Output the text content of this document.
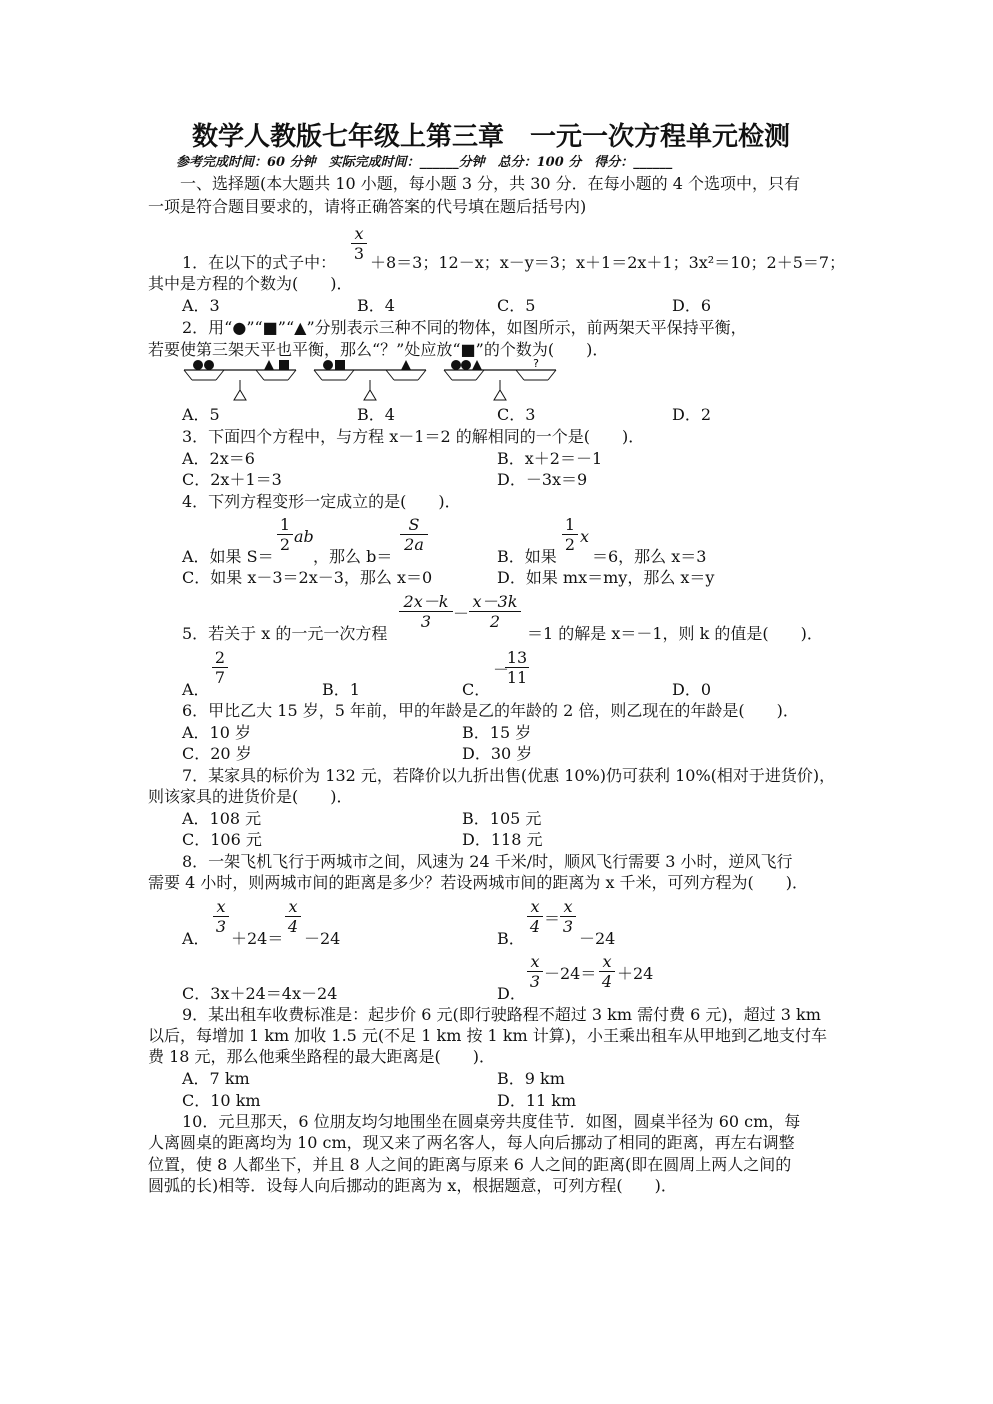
数学人教版七年级上第三章　一元一次方程单元检测
参考完成时间：60 分钟　实际完成时间：______分钟　总分：100 分　得分：______
一、选择题(本大题共 10 小题，每小题 3 分，共 30 分．在每小题的 4 个选项中，只有
一项是符合题目要求的，请将正确答案的代号填在题后括号内)
1．在以下的式子中：
x
3 ＋8＝3；12－x；x－y＝3；x＋1＝2x＋1；3x²＝10；2＋5＝7；
其中是方程的个数为(　　)．
A．3	B．4	C．5	D．6
2．用“●”“■”“▲”分别表示三种不同的物体，如图所示，前两架天平保持平衡，
若要使第三架天平也平衡，那么“？”处应放“■”的个数为(　　)．
?
A．5	B．4	C．3	D．2
3．下面四个方程中，与方程 x－1＝2 的解相同的一个是(　　)．
A．2x＝6	B．x＋2＝－1
C．2x＋1＝3	D．－3x＝9
4．下列方程变形一定成立的是(　　)．
A．如果 S＝
1
2 ab
，那么 b＝
S
2a
B．如果
1
2 x
＝6，那么 x＝3
C．如果 x－3＝2x－3，那么 x＝0	D．如果 mx＝my，那么 x＝y
5．若关于 x 的一元一次方程
2x－k
3 －
x－3k
2
＝1 的解是 x＝－1，则 k 的值是(　　)．
A．
2
7
B．1	C．
－
13
11
D．0
6．甲比乙大 15 岁，5 年前，甲的年龄是乙的年龄的 2 倍，则乙现在的年龄是(　　)．
A．10 岁	B．15 岁
C．20 岁	D．30 岁
7．某家具的标价为 132 元，若降价以九折出售(优惠 10%)仍可获利 10%(相对于进货价)，
则该家具的进货价是(　　)．
A．108 元	B．105 元
C．106 元	D．118 元
8．一架飞机飞行于两城市之间，风速为 24 千米/时，顺风飞行需要 3 小时，逆风飞行
需要 4 小时，则两城市间的距离是多少？若设两城市间的距离为 x 千米，可列方程为(　　)．
A．
x
3
＋24＝
x
4
－24	B．
x
4 ＝
x
3
－24
x
3 －24＝
x
4 ＋24
C．3x＋24＝4x－24	D．
9．某出租车收费标准是：起步价 6 元(即行驶路程不超过 3 km 需付费 6 元)，超过 3 km
以后，每增加 1 km 加收 1.5 元(不足 1 km 按 1 km 计算)，小王乘出租车从甲地到乙地支付车
费 18 元，那么他乘坐路程的最大距离是(　　)．
A．7 km	B．9 km
C．10 km	D．11 km
10．元旦那天，6 位朋友均匀地围坐在圆桌旁共度佳节．如图，圆桌半径为 60 cm，每
人离圆桌的距离均为 10 cm，现又来了两名客人，每人向后挪动了相同的距离，再左右调整
位置，使 8 人都坐下，并且 8 人之间的距离与原来 6 人之间的距离(即在圆周上两人之间的
圆弧的长)相等．设每人向后挪动的距离为 x，根据题意，可列方程(　　)．
